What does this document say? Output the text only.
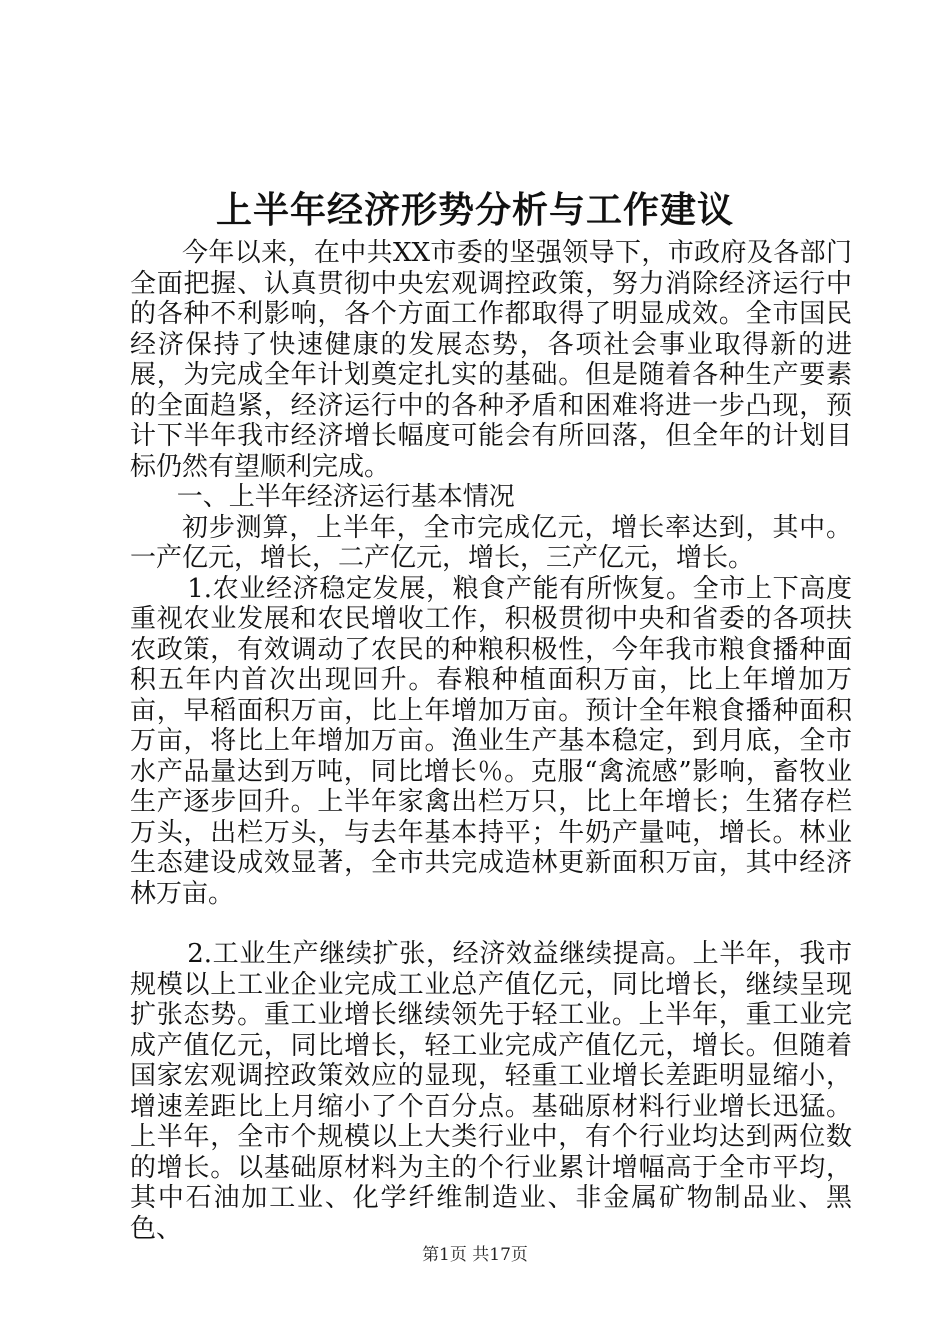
上半年经济形势分析与工作建议

今年以来，在中共XX市委的坚强领导下，市政府及各部门全面把握、认真贯彻中央宏观调控政策，努力消除经济运行中的各种不利影响，各个方面工作都取得了明显成效。全市国民经济保持了快速健康的发展态势，各项社会事业取得新的进展，为完成全年计划奠定扎实的基础。但是随着各种生产要素的全面趋紧，经济运行中的各种矛盾和困难将进一步凸现，预计下半年我市经济增长幅度可能会有所回落，但全年的计划目标仍然有望顺利完成。

一、上半年经济运行基本情况

初步测算，上半年，全市完成亿元，增长率达到，其中。一产亿元，增长，二产亿元，增长，三产亿元，增长。

1.农业经济稳定发展，粮食产能有所恢复。全市上下高度重视农业发展和农民增收工作，积极贯彻中央和省委的各项扶农政策，有效调动了农民的种粮积极性，今年我市粮食播种面积五年内首次出现回升。春粮种植面积万亩，比上年增加万亩，早稻面积万亩，比上年增加万亩。预计全年粮食播种面积万亩，将比上年增加万亩。渔业生产基本稳定，到月底，全市水产品量达到万吨，同比增长％。克服“禽流感”影响，畜牧业生产逐步回升。上半年家禽出栏万只，比上年增长；生猪存栏万头，出栏万头，与去年基本持平；牛奶产量吨，增长。林业生态建设成效显著，全市共完成造林更新面积万亩，其中经济林万亩。

2.工业生产继续扩张，经济效益继续提高。上半年，我市规模以上工业企业完成工业总产值亿元，同比增长，继续呈现扩张态势。重工业增长继续领先于轻工业。上半年，重工业完成产值亿元，同比增长，轻工业完成产值亿元，增长。但随着国家宏观调控政策效应的显现，轻重工业增长差距明显缩小，增速差距比上月缩小了个百分点。基础原材料行业增长迅猛。上半年，全市个规模以上大类行业中，有个行业均达到两位数的增长。以基础原材料为主的个行业累计增幅高于全市平均，其中石油加工业、化学纤维制造业、非金属矿物制品业、黑色、

第1页 共17页
